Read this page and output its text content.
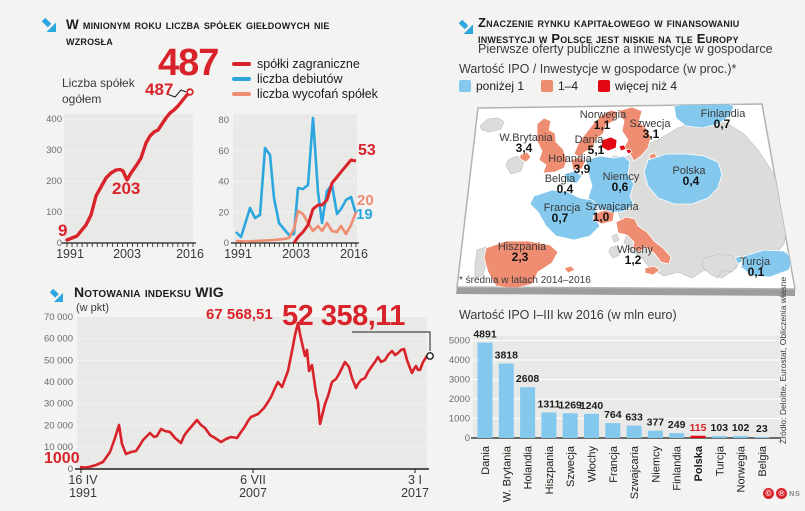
4891
Dania
3818
W. Brytania
2608
Holandia
1311
Hiszpania
1269
Szwecja
1240
Włochy
764
Francja
633
Szwajcaria
377
Niemcy
249
Finlandia
115
Polska
103
Turcja
102
Norwegia
23
Belgia
W.Brytania
3,4
Norwegia
1,1 Szwecja
3,1
Finlandia
0,7
Dania
5,1
Holandia
3,9
Belgia
0,4
Niemcy
0,6
Polska
0,4
Francja
0,7
Szwajcaria
1,0
Hiszpania
2,3	Włochy
1,2	Turcja
0,1
400
300
200
100
0
80
60
40
20
0
70 000
60 000
50 000
40 000
30 000
20 000
10 000
0
5000
4000
3000
2000
1000
0
1991	1991
2003	2003
2016	2016
16 IV
1991
6 VII
2007
3 I
2017
W minionym roku liczba spółek giełdowych nie wzrosła
Liczba spółek ogółem
487
487
203
9
spółki zagraniczne
liczba debiutów
liczba wycofań spółek
53
20
19
Notowania indeksu WIG
(w pkt)	67 568,51 52 358,11
1000
Znaczenie rynku kapitałowego w finansowaniu inwestycji w Polsce jest niskie na tle Europy
Pierwsze oferty publiczne a inwestycje w gospodarce
Wartość IPO / Inwestycje w gospodarce (w proc.)*
poniżej 1	1–4	więcej niż 4
* średnia w latach 2014–2016
Wartość IPO I–III kw 2016 (w mln euro)	Źródło: Deloitte, Eurostat, Obliczenia własne
© ℗ NS
